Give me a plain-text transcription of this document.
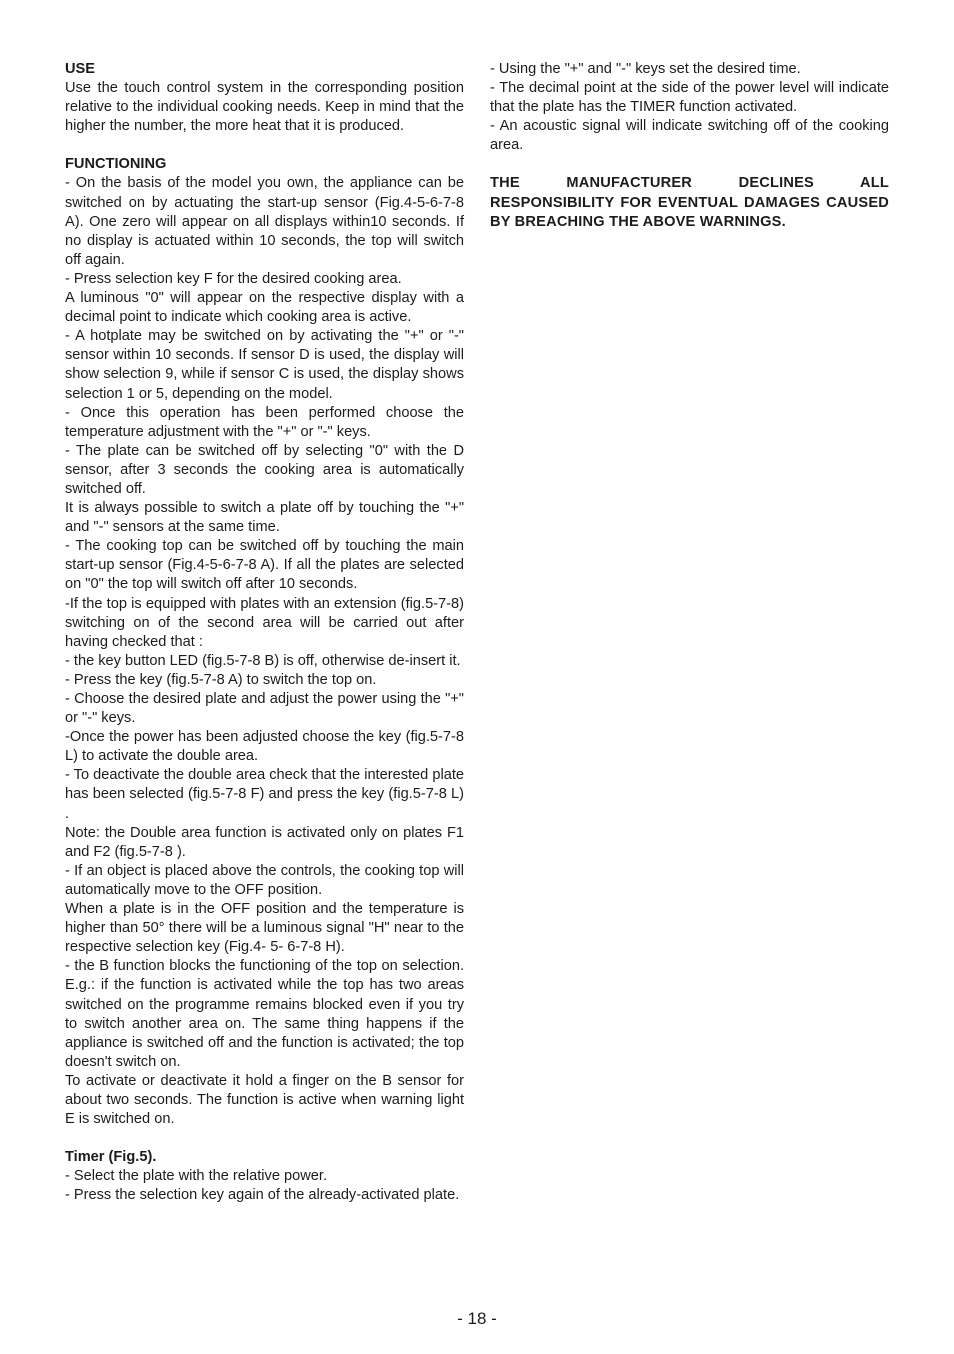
USE

Use the touch control system in the corresponding position relative to the individual cooking needs. Keep in mind that the higher the number, the more heat that it is produced.

FUNCTIONING

- On the basis of the model you own, the appliance can be switched on by actuating the start-up sensor (Fig.4-5-6-7-8 A). One zero will appear on all displays within10 seconds. If no display is actuated within 10 seconds, the top will switch off again.

- Press selection key F for the desired cooking area.

A luminous "0" will appear on the respective display with a decimal point to indicate which cooking area is active.

- A hotplate may be switched on by activating the "+" or "-" sensor within 10 seconds. If sensor D is used, the display will show selection 9, while if sensor C is used, the display shows selection 1 or 5, depending on the model.

- Once this operation has been performed choose the temperature adjustment with the "+" or "-" keys.

- The plate can be switched off by selecting "0" with the D sensor, after 3 seconds the cooking area is automatically switched off.

It is always possible to switch a plate off by touching the "+" and "-" sensors at the same time.

- The cooking top can be switched off by touching the main start-up sensor (Fig.4-5-6-7-8 A). If all the plates are selected on "0" the top will switch off after 10 seconds.

-If the top is equipped with plates with an extension (fig.5-7-8) switching on of the second area will be carried out after having checked that :

- the key button LED (fig.5-7-8 B) is off, otherwise de-insert it.

- Press the key (fig.5-7-8 A) to switch the top on.

- Choose the desired plate and adjust the power using the "+" or "-" keys.

-Once the power has been adjusted choose the key (fig.5-7-8 L) to activate the double area.

- To deactivate the double area check that the interested plate has been selected (fig.5-7-8 F) and press the key (fig.5-7-8 L) .

Note: the Double area function is activated only on plates F1 and F2 (fig.5-7-8 ).

- If an object is placed above the controls, the cooking top will automatically move to the OFF position.

When a plate is in the OFF position and the temperature is higher than 50° there will be a luminous signal "H" near to the respective selection key (Fig.4- 5- 6-7-8 H).

- the B function blocks the functioning of the top on selection. E.g.: if the function is activated while the top has two areas switched on the programme remains blocked even if you try to switch another area on. The same thing happens if the appliance is switched off and the function is activated; the top doesn't switch on.

To activate or deactivate it hold a finger on the B sensor for about two seconds. The function is active when warning light E is switched on.

Timer (Fig.5).

- Select the plate with the relative power.

- Press the selection key again of the already-activated plate.

- Using the "+" and "-" keys set the desired time.

- The decimal point at the side of the power level will indicate that the plate has the TIMER function activated.

- An acoustic signal will indicate switching off of the cooking area.

THE MANUFACTURER DECLINES ALL RESPONSIBILITY FOR EVENTUAL DAMAGES CAUSED BY BREACHING THE ABOVE WARNINGS.

- 18 -
